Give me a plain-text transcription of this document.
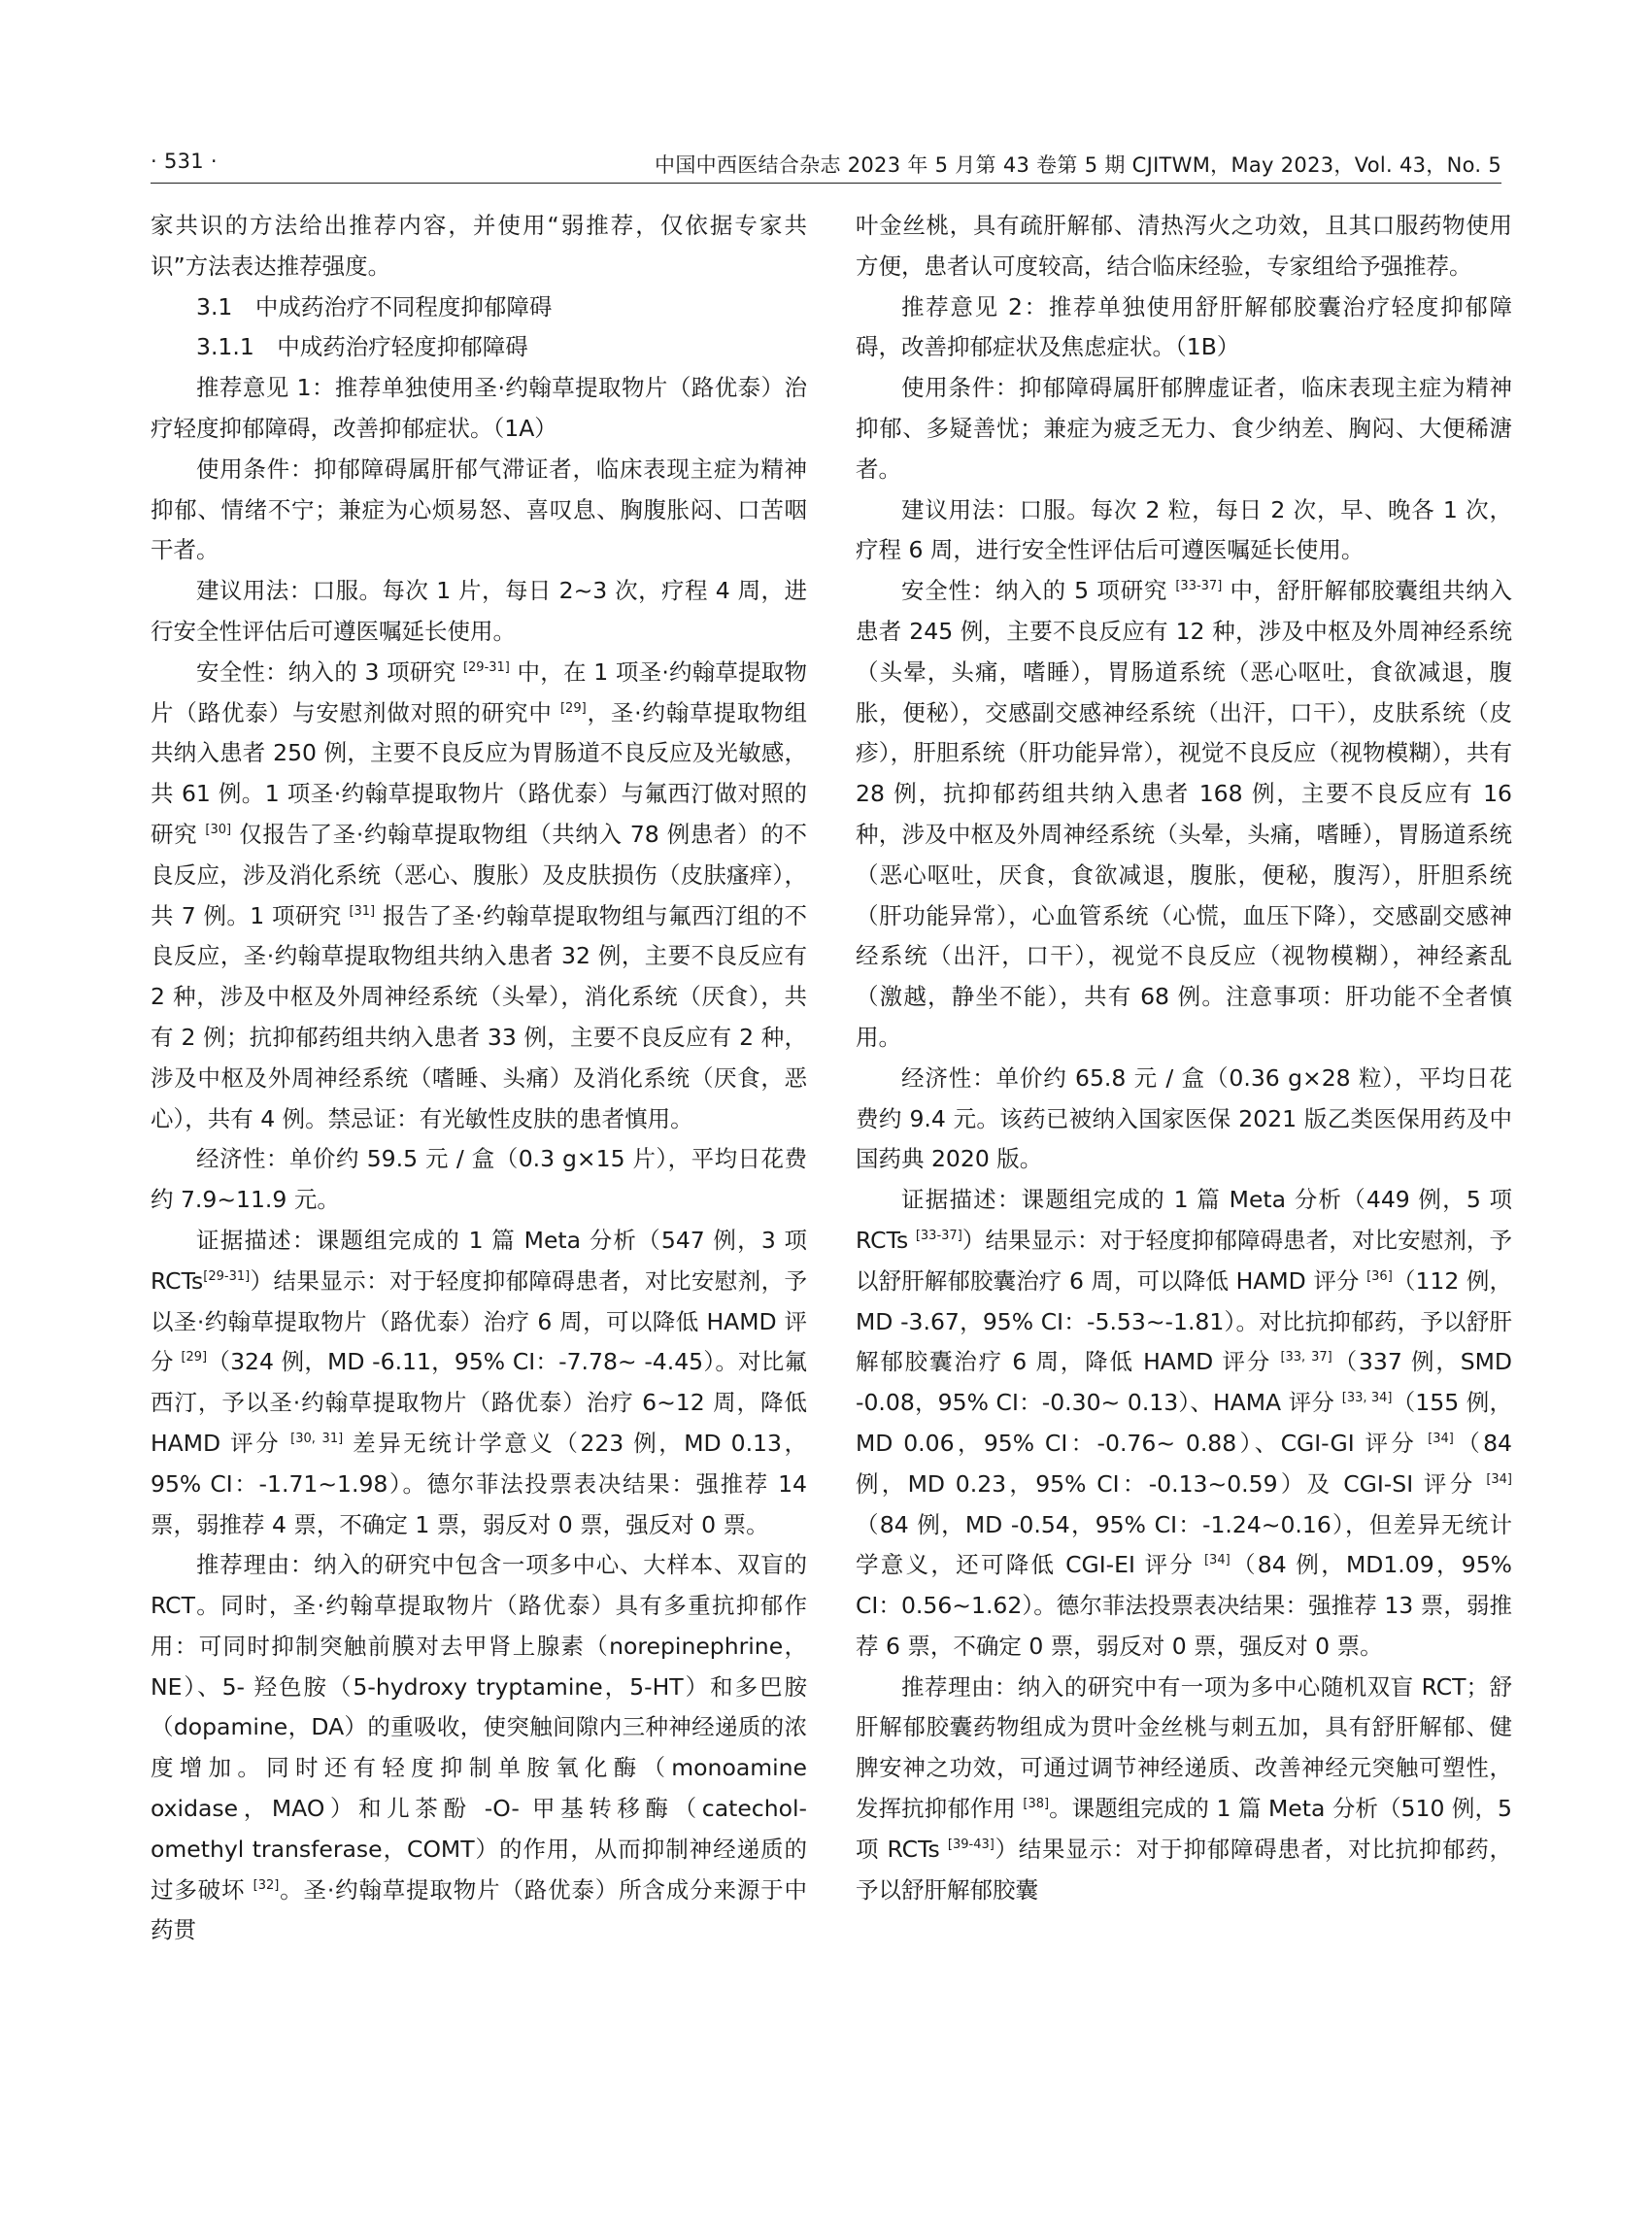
· 531 ·	中国中西医结合杂志 2023 年 5 月第 43 卷第 5 期 CJITWM，May 2023，Vol. 43，No. 5

家共识的方法给出推荐内容，并使用“弱推荐，仅依据专家共识”方法表达推荐强度。

3.1　中成药治疗不同程度抑郁障碍

3.1.1　中成药治疗轻度抑郁障碍

推荐意见 1：推荐单独使用圣·约翰草提取物片（路优泰）治疗轻度抑郁障碍，改善抑郁症状。（1A）

使用条件：抑郁障碍属肝郁气滞证者，临床表现主症为精神抑郁、情绪不宁；兼症为心烦易怒、喜叹息、胸腹胀闷、口苦咽干者。

建议用法：口服。每次 1 片，每日 2~3 次，疗程 4 周，进行安全性评估后可遵医嘱延长使用。

安全性：纳入的 3 项研究 [29-31] 中，在 1 项圣·约翰草提取物片（路优泰）与安慰剂做对照的研究中 [29]，圣·约翰草提取物组共纳入患者 250 例，主要不良反应为胃肠道不良反应及光敏感，共 61 例。1 项圣·约翰草提取物片（路优泰）与氟西汀做对照的研究 [30] 仅报告了圣·约翰草提取物组（共纳入 78 例患者）的不良反应，涉及消化系统（恶心、腹胀）及皮肤损伤（皮肤瘙痒），共 7 例。1 项研究 [31] 报告了圣·约翰草提取物组与氟西汀组的不良反应，圣·约翰草提取物组共纳入患者 32 例，主要不良反应有 2 种，涉及中枢及外周神经系统（头晕），消化系统（厌食），共有 2 例；抗抑郁药组共纳入患者 33 例，主要不良反应有 2 种，涉及中枢及外周神经系统（嗜睡、头痛）及消化系统（厌食，恶心），共有 4 例。禁忌证：有光敏性皮肤的患者慎用。

经济性：单价约 59.5 元 / 盒（0.3 g×15 片），平均日花费约 7.9~11.9 元。

证据描述：课题组完成的 1 篇 Meta 分析（547 例，3 项 RCTs[29-31]）结果显示：对于轻度抑郁障碍患者，对比安慰剂，予以圣·约翰草提取物片（路优泰）治疗 6 周，可以降低 HAMD 评分 [29]（324 例，MD -6.11，95% CI：-7.78~ -4.45）。对比氟西汀，予以圣·约翰草提取物片（路优泰）治疗 6~12 周，降低 HAMD 评分 [30, 31] 差异无统计学意义（223 例，MD 0.13，95% CI：-1.71~1.98）。德尔菲法投票表决结果：强推荐 14 票，弱推荐 4 票，不确定 1 票，弱反对 0 票，强反对 0 票。

推荐理由：纳入的研究中包含一项多中心、大样本、双盲的 RCT。同时，圣·约翰草提取物片（路优泰）具有多重抗抑郁作用：可同时抑制突触前膜对去甲肾上腺素（norepinephrine，NE）、5- 羟色胺（5-hydroxy tryptamine，5-HT）和多巴胺（dopamine，DA）的重吸收，使突触间隙内三种神经递质的浓度增加。同时还有轻度抑制单胺氧化酶（monoamine oxidase，MAO）和儿茶酚 -O- 甲基转移酶（catechol-omethyl transferase，COMT）的作用，从而抑制神经递质的过多破坏 [32]。圣·约翰草提取物片（路优泰）所含成分来源于中药贯

叶金丝桃，具有疏肝解郁、清热泻火之功效，且其口服药物使用方便，患者认可度较高，结合临床经验，专家组给予强推荐。

推荐意见 2：推荐单独使用舒肝解郁胶囊治疗轻度抑郁障碍，改善抑郁症状及焦虑症状。（1B）

使用条件：抑郁障碍属肝郁脾虚证者，临床表现主症为精神抑郁、多疑善忧；兼症为疲乏无力、食少纳差、胸闷、大便稀溏者。

建议用法：口服。每次 2 粒，每日 2 次，早、晚各 1 次，疗程 6 周，进行安全性评估后可遵医嘱延长使用。

安全性：纳入的 5 项研究 [33-37] 中，舒肝解郁胶囊组共纳入患者 245 例，主要不良反应有 12 种，涉及中枢及外周神经系统（头晕，头痛，嗜睡），胃肠道系统（恶心呕吐，食欲减退，腹胀，便秘），交感副交感神经系统（出汗，口干），皮肤系统（皮疹），肝胆系统（肝功能异常），视觉不良反应（视物模糊），共有 28 例，抗抑郁药组共纳入患者 168 例，主要不良反应有 16 种，涉及中枢及外周神经系统（头晕，头痛，嗜睡），胃肠道系统（恶心呕吐，厌食，食欲减退，腹胀，便秘，腹泻），肝胆系统（肝功能异常），心血管系统（心慌，血压下降），交感副交感神经系统（出汗，口干），视觉不良反应（视物模糊），神经紊乱（激越，静坐不能），共有 68 例。注意事项：肝功能不全者慎用。

经济性：单价约 65.8 元 / 盒（0.36 g×28 粒），平均日花费约 9.4 元。该药已被纳入国家医保 2021 版乙类医保用药及中国药典 2020 版。

证据描述：课题组完成的 1 篇 Meta 分析（449 例，5 项 RCTs [33-37]）结果显示：对于轻度抑郁障碍患者，对比安慰剂，予以舒肝解郁胶囊治疗 6 周，可以降低 HAMD 评分 [36]（112 例，MD -3.67，95% CI：-5.53~-1.81）。对比抗抑郁药，予以舒肝解郁胶囊治疗 6 周，降低 HAMD 评分 [33, 37]（337 例，SMD -0.08，95% CI：-0.30~ 0.13）、HAMA 评分 [33, 34]（155 例，MD 0.06，95% CI：-0.76~ 0.88）、CGI-GI 评分 [34]（84 例，MD 0.23，95% CI：-0.13~0.59）及 CGI-SI 评分 [34]（84 例，MD -0.54，95% CI：-1.24~0.16），但差异无统计学意义，还可降低 CGI-EI 评分 [34]（84 例，MD1.09，95% CI：0.56~1.62）。德尔菲法投票表决结果：强推荐 13 票，弱推荐 6 票，不确定 0 票，弱反对 0 票，强反对 0 票。

推荐理由：纳入的研究中有一项为多中心随机双盲 RCT；舒肝解郁胶囊药物组成为贯叶金丝桃与刺五加，具有舒肝解郁、健脾安神之功效，可通过调节神经递质、改善神经元突触可塑性，发挥抗抑郁作用 [38]。课题组完成的 1 篇 Meta 分析（510 例，5 项 RCTs [39-43]）结果显示：对于抑郁障碍患者，对比抗抑郁药，予以舒肝解郁胶囊
